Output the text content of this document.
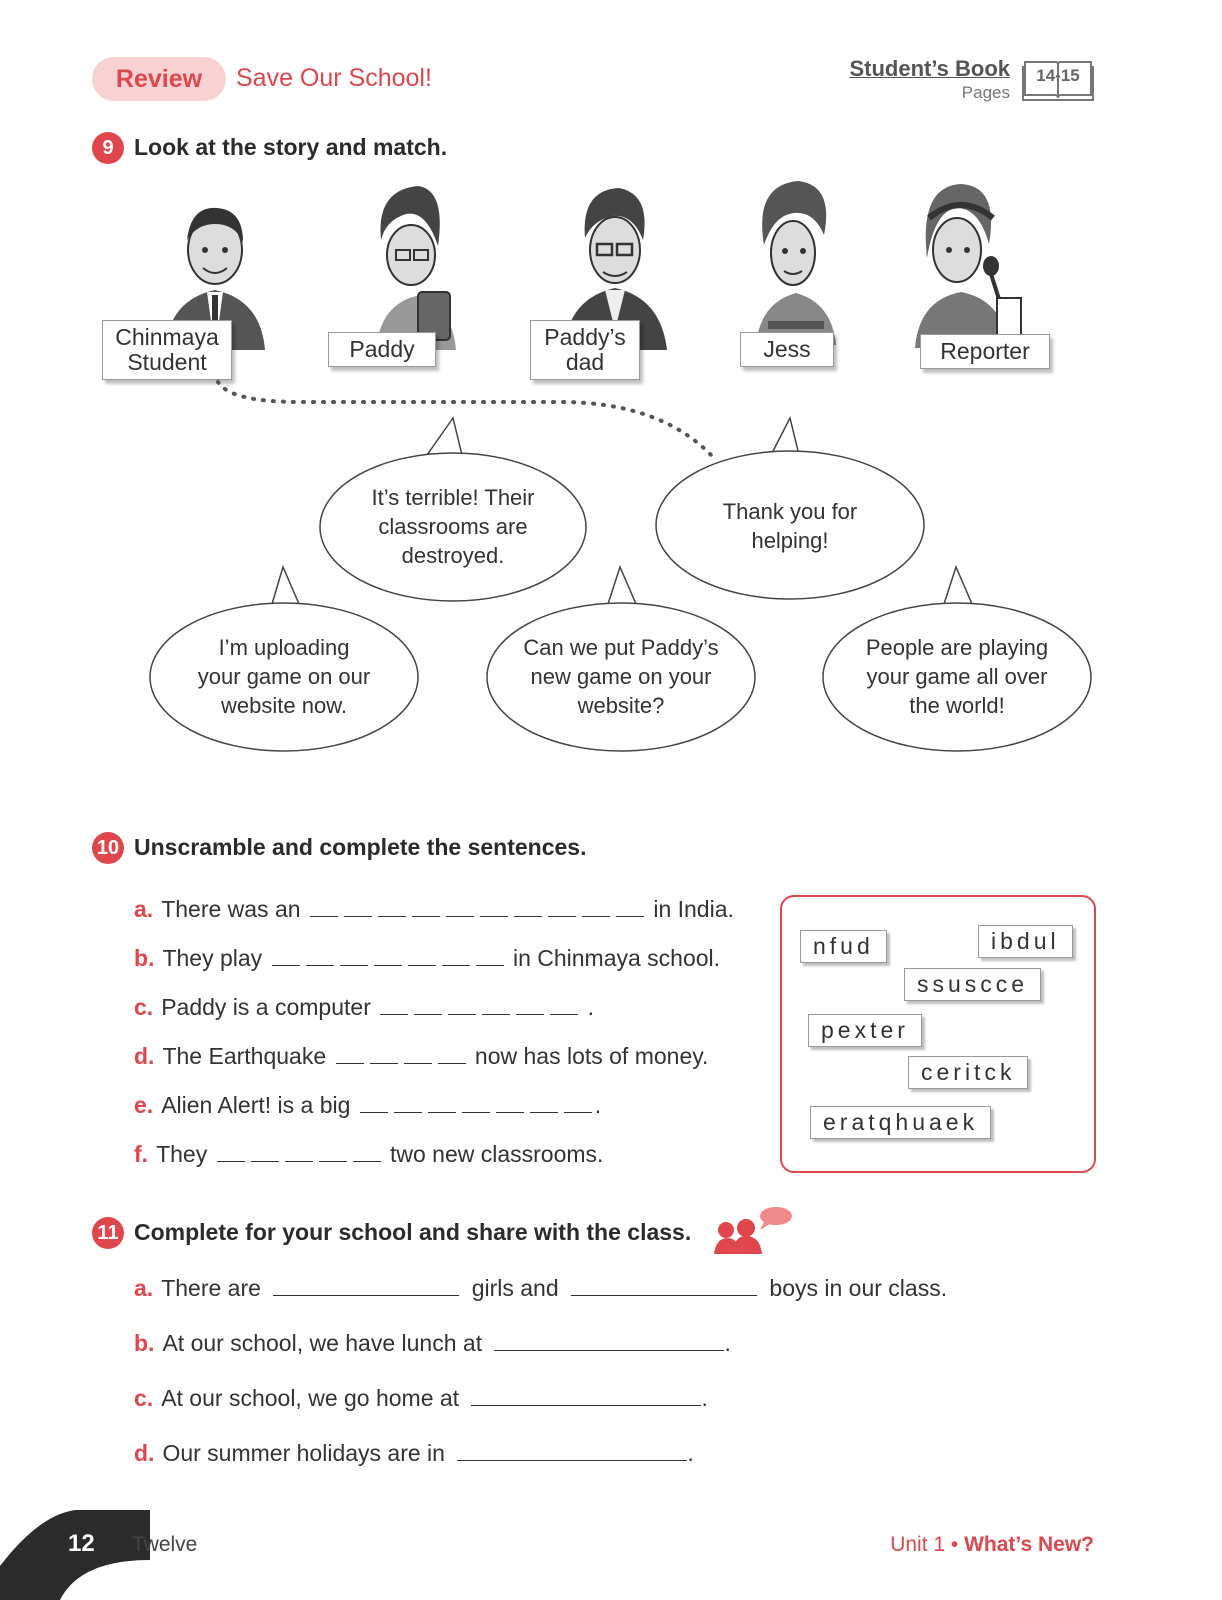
Review	Save Our School!	Student’s Book
Pages
14-15
9 Look at the story and match.
Chinmaya
Student	Paddy	Paddy’s
dad	Jess	Reporter
It’s terrible! Their
classrooms are
destroyed.
Thank you for
helping!
I’m uploading
your game on our
website now.
Can we put Paddy’s
new game on your
website?
People are playing
your game all over
the world!
10 Unscramble and complete the sentences.
a. There was an	in India.
b. They play	in Chinmaya school.
c. Paddy is a computer	.
d. The Earthquake	now has lots of money.
e. Alien Alert! is a big	.
f. They	two new classrooms.
nfud	ibdul
ssuscce
pexter
ceritck
eratqhuaek
11 Complete for your school and share with the class.
a. There are	girls and	boys in our class.
b. At our school, we have lunch at	.
c. At our school, we go home at	.
d. Our summer holidays are in	.
12 Twelve	Unit 1 • What’s New?
